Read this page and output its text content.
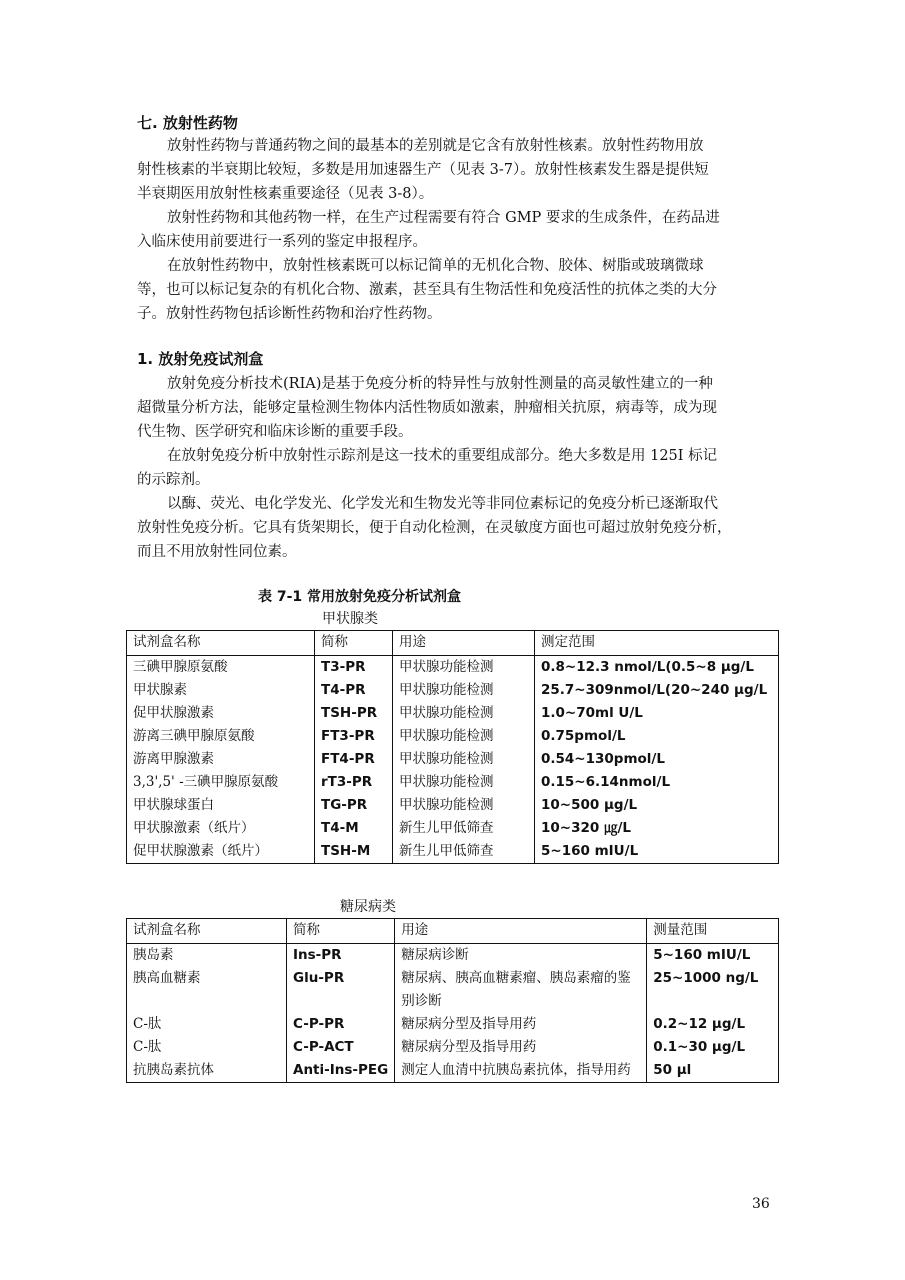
七. 放射性药物
放射性药物与普通药物之间的最基本的差别就是它含有放射性核素。放射性药物用放
射性核素的半衰期比较短，多数是用加速器生产（见表 3-7）。放射性核素发生器是提供短
半衰期医用放射性核素重要途径（见表 3-8）。
放射性药物和其他药物一样，在生产过程需要有符合 GMP 要求的生成条件，在药品进
入临床使用前要进行一系列的鉴定申报程序。
在放射性药物中，放射性核素既可以标记简单的无机化合物、胶体、树脂或玻璃微球
等，也可以标记复杂的有机化合物、激素，甚至具有生物活性和免疫活性的抗体之类的大分
子。放射性药物包括诊断性药物和治疗性药物。
1. 放射免疫试剂盒
放射免疫分析技术(RIA)是基于免疫分析的特异性与放射性测量的高灵敏性建立的一种
超微量分析方法，能够定量检测生物体内活性物质如激素，肿瘤相关抗原，病毒等，成为现
代生物、医学研究和临床诊断的重要手段。
在放射免疫分析中放射性示踪剂是这一技术的重要组成部分。绝大多数是用 125I 标记
的示踪剂。
以酶、荧光、电化学发光、化学发光和生物发光等非同位素标记的免疫分析已逐渐取代
放射性免疫分析。它具有货架期长，便于自动化检测，在灵敏度方面也可超过放射免疫分析，
而且不用放射性同位素。
表 7-1 常用放射免疫分析试剂盒
甲状腺类
试剂盒名称	简称	用途	测定范围
三碘甲腺原氨酸	T3-PR	甲状腺功能检测	0.8~12.3 nmol/L(0.5~8 μg/L
甲状腺素	T4-PR	甲状腺功能检测	25.7~309nmol/L(20~240 μg/L
促甲状腺激素	TSH-PR	甲状腺功能检测	1.0~70ml U/L
游离三碘甲腺原氨酸	FT3-PR	甲状腺功能检测	0.75pmol/L
游离甲腺激素	FT4-PR	甲状腺功能检测	0.54~130pmol/L
3,3',5' -三碘甲腺原氨酸	rT3-PR	甲状腺功能检测	0.15~6.14nmol/L
甲状腺球蛋白	TG-PR	甲状腺功能检测	10~500 μg/L
甲状腺激素（纸片）	T4-M	新生儿甲低筛查	10~320 ㎍/L
促甲状腺激素（纸片）	TSH-M	新生儿甲低筛查	5~160 mIU/L
糖尿病类
试剂盒名称	简称	用途	测量范围
胰岛素	Ins-PR	糖尿病诊断	5~160 mIU/L
胰高血糖素	Glu-PR	糖尿病、胰高血糖素瘤、胰岛素瘤的鉴别诊断	25~1000 ng/L
C-肽	C-P-PR	糖尿病分型及指导用药	0.2~12 μg/L
C-肽	C-P-ACT	糖尿病分型及指导用药	0.1~30 μg/L
抗胰岛素抗体	Anti-Ins-PEG	测定人血清中抗胰岛素抗体，指导用药	50 μl
36
